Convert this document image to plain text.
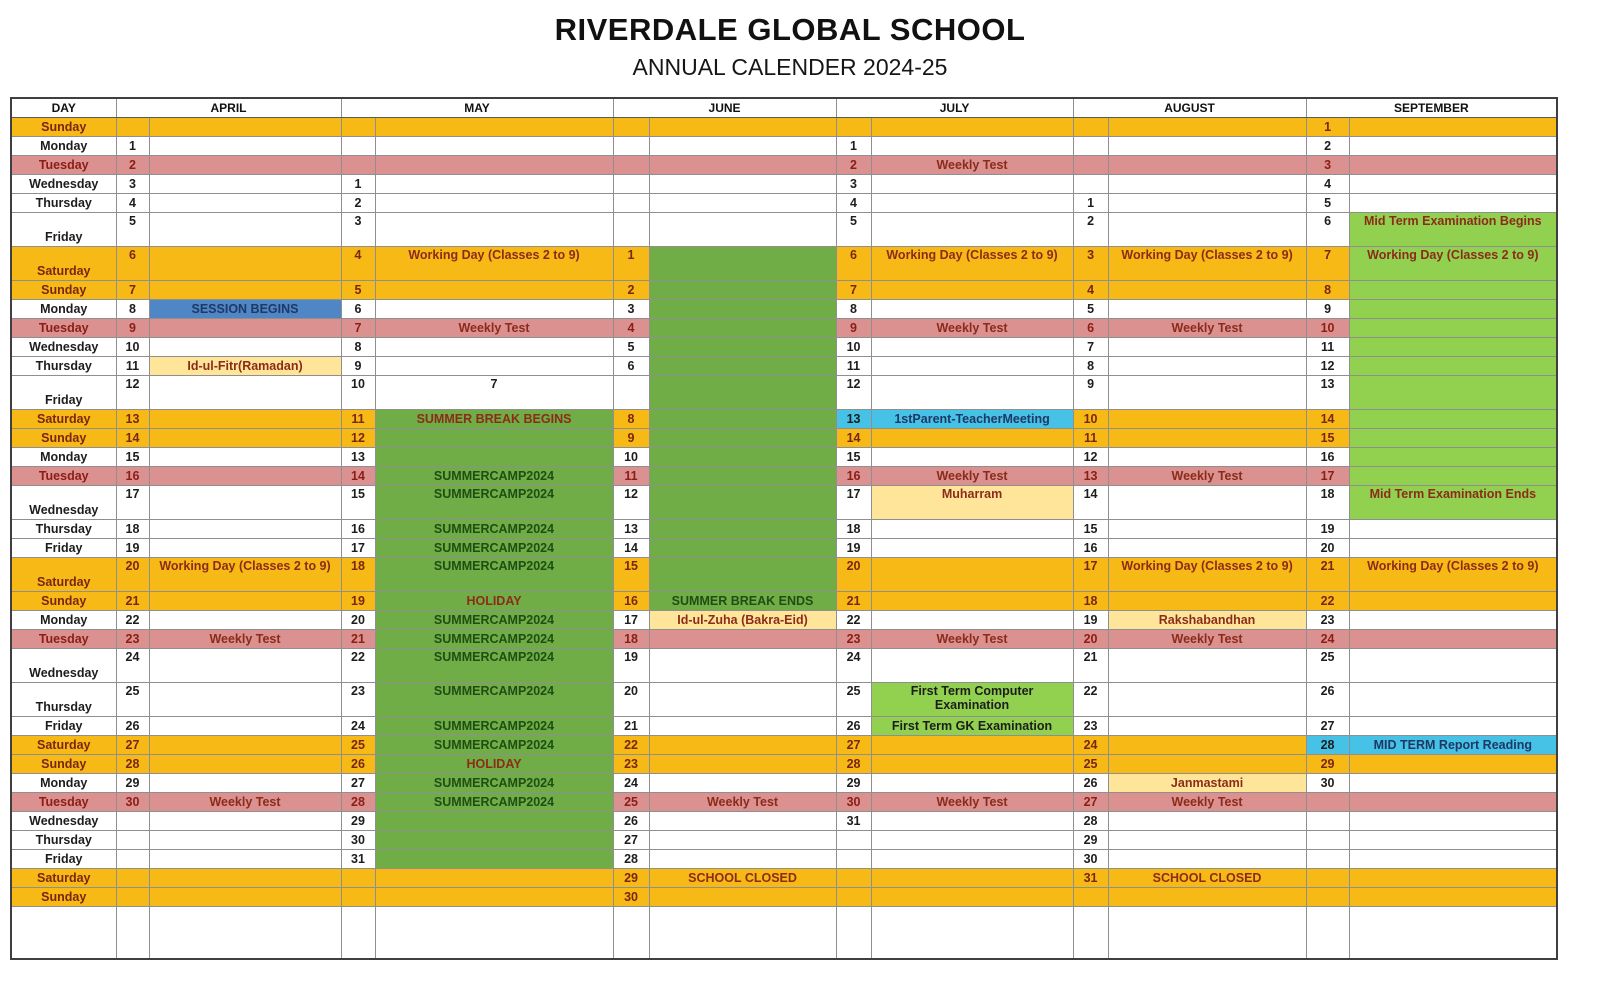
RIVERDALE GLOBAL SCHOOL
ANNUAL CALENDER 2024-25
DAY	APRIL		MAY		JUNE		JULY		AUGUST		SEPTEMBER	
Sunday											1	
Monday	1						1				2	
Tuesday	2						2	Weekly Test			3	
Wednesday	3		1				3				4	
Thursday	4		2				4		1		5	
Friday	5		3				5		2		6	Mid Term Examination Begins
Saturday	6		4	Working Day (Classes 2 to 9)	1		6	Working Day (Classes 2 to 9)	3	Working Day (Classes 2 to 9)	7	Working Day (Classes 2 to 9)
Sunday	7		5		2		7		4		8	
Monday	8	SESSION BEGINS	6		3		8		5		9	
Tuesday	9		7	Weekly Test	4		9	Weekly Test	6	Weekly Test	10	
Wednesday	10		8		5		10		7		11	
Thursday	11	Id-ul-Fitr(Ramadan)	9		6		11		8		12	
Friday	12		10	7			12		9		13	
Saturday	13		11	SUMMER BREAK BEGINS	8		13	1stParent-TeacherMeeting	10		14	
Sunday	14		12		9		14		11		15	
Monday	15		13		10		15		12		16	
Tuesday	16		14	SUMMERCAMP2024	11		16	Weekly Test	13	Weekly Test	17	
Wednesday	17		15	SUMMERCAMP2024	12		17	Muharram	14		18	Mid Term Examination Ends
Thursday	18		16	SUMMERCAMP2024	13		18		15		19	
Friday	19		17	SUMMERCAMP2024	14		19		16		20	
Saturday	20	Working Day (Classes 2 to 9)	18	SUMMERCAMP2024	15		20		17	Working Day (Classes 2 to 9)	21	Working Day (Classes 2 to 9)
Sunday	21		19	HOLIDAY	16	SUMMER BREAK ENDS	21		18		22	
Monday	22		20	SUMMERCAMP2024	17	Id-ul-Zuha (Bakra-Eid)	22		19	Rakshabandhan	23	
Tuesday	23	Weekly Test	21	SUMMERCAMP2024	18		23	Weekly Test	20	Weekly Test	24	
Wednesday	24		22	SUMMERCAMP2024	19		24		21		25	
Thursday	25		23	SUMMERCAMP2024	20		25	First Term Computer Examination	22		26	
Friday	26		24	SUMMERCAMP2024	21		26	First Term GK Examination	23		27	
Saturday	27		25	SUMMERCAMP2024	22		27		24		28	MID TERM Report Reading
Sunday	28		26	HOLIDAY	23		28		25		29	
Monday	29		27	SUMMERCAMP2024	24		29		26	Janmastami	30	
Tuesday	30	Weekly Test	28	SUMMERCAMP2024	25	Weekly Test	30	Weekly Test	27	Weekly Test		
Wednesday			29		26		31		28			
Thursday			30		27				29			
Friday			31		28				30			
Saturday					29	SCHOOL CLOSED			31	SCHOOL CLOSED		
Sunday					30							
